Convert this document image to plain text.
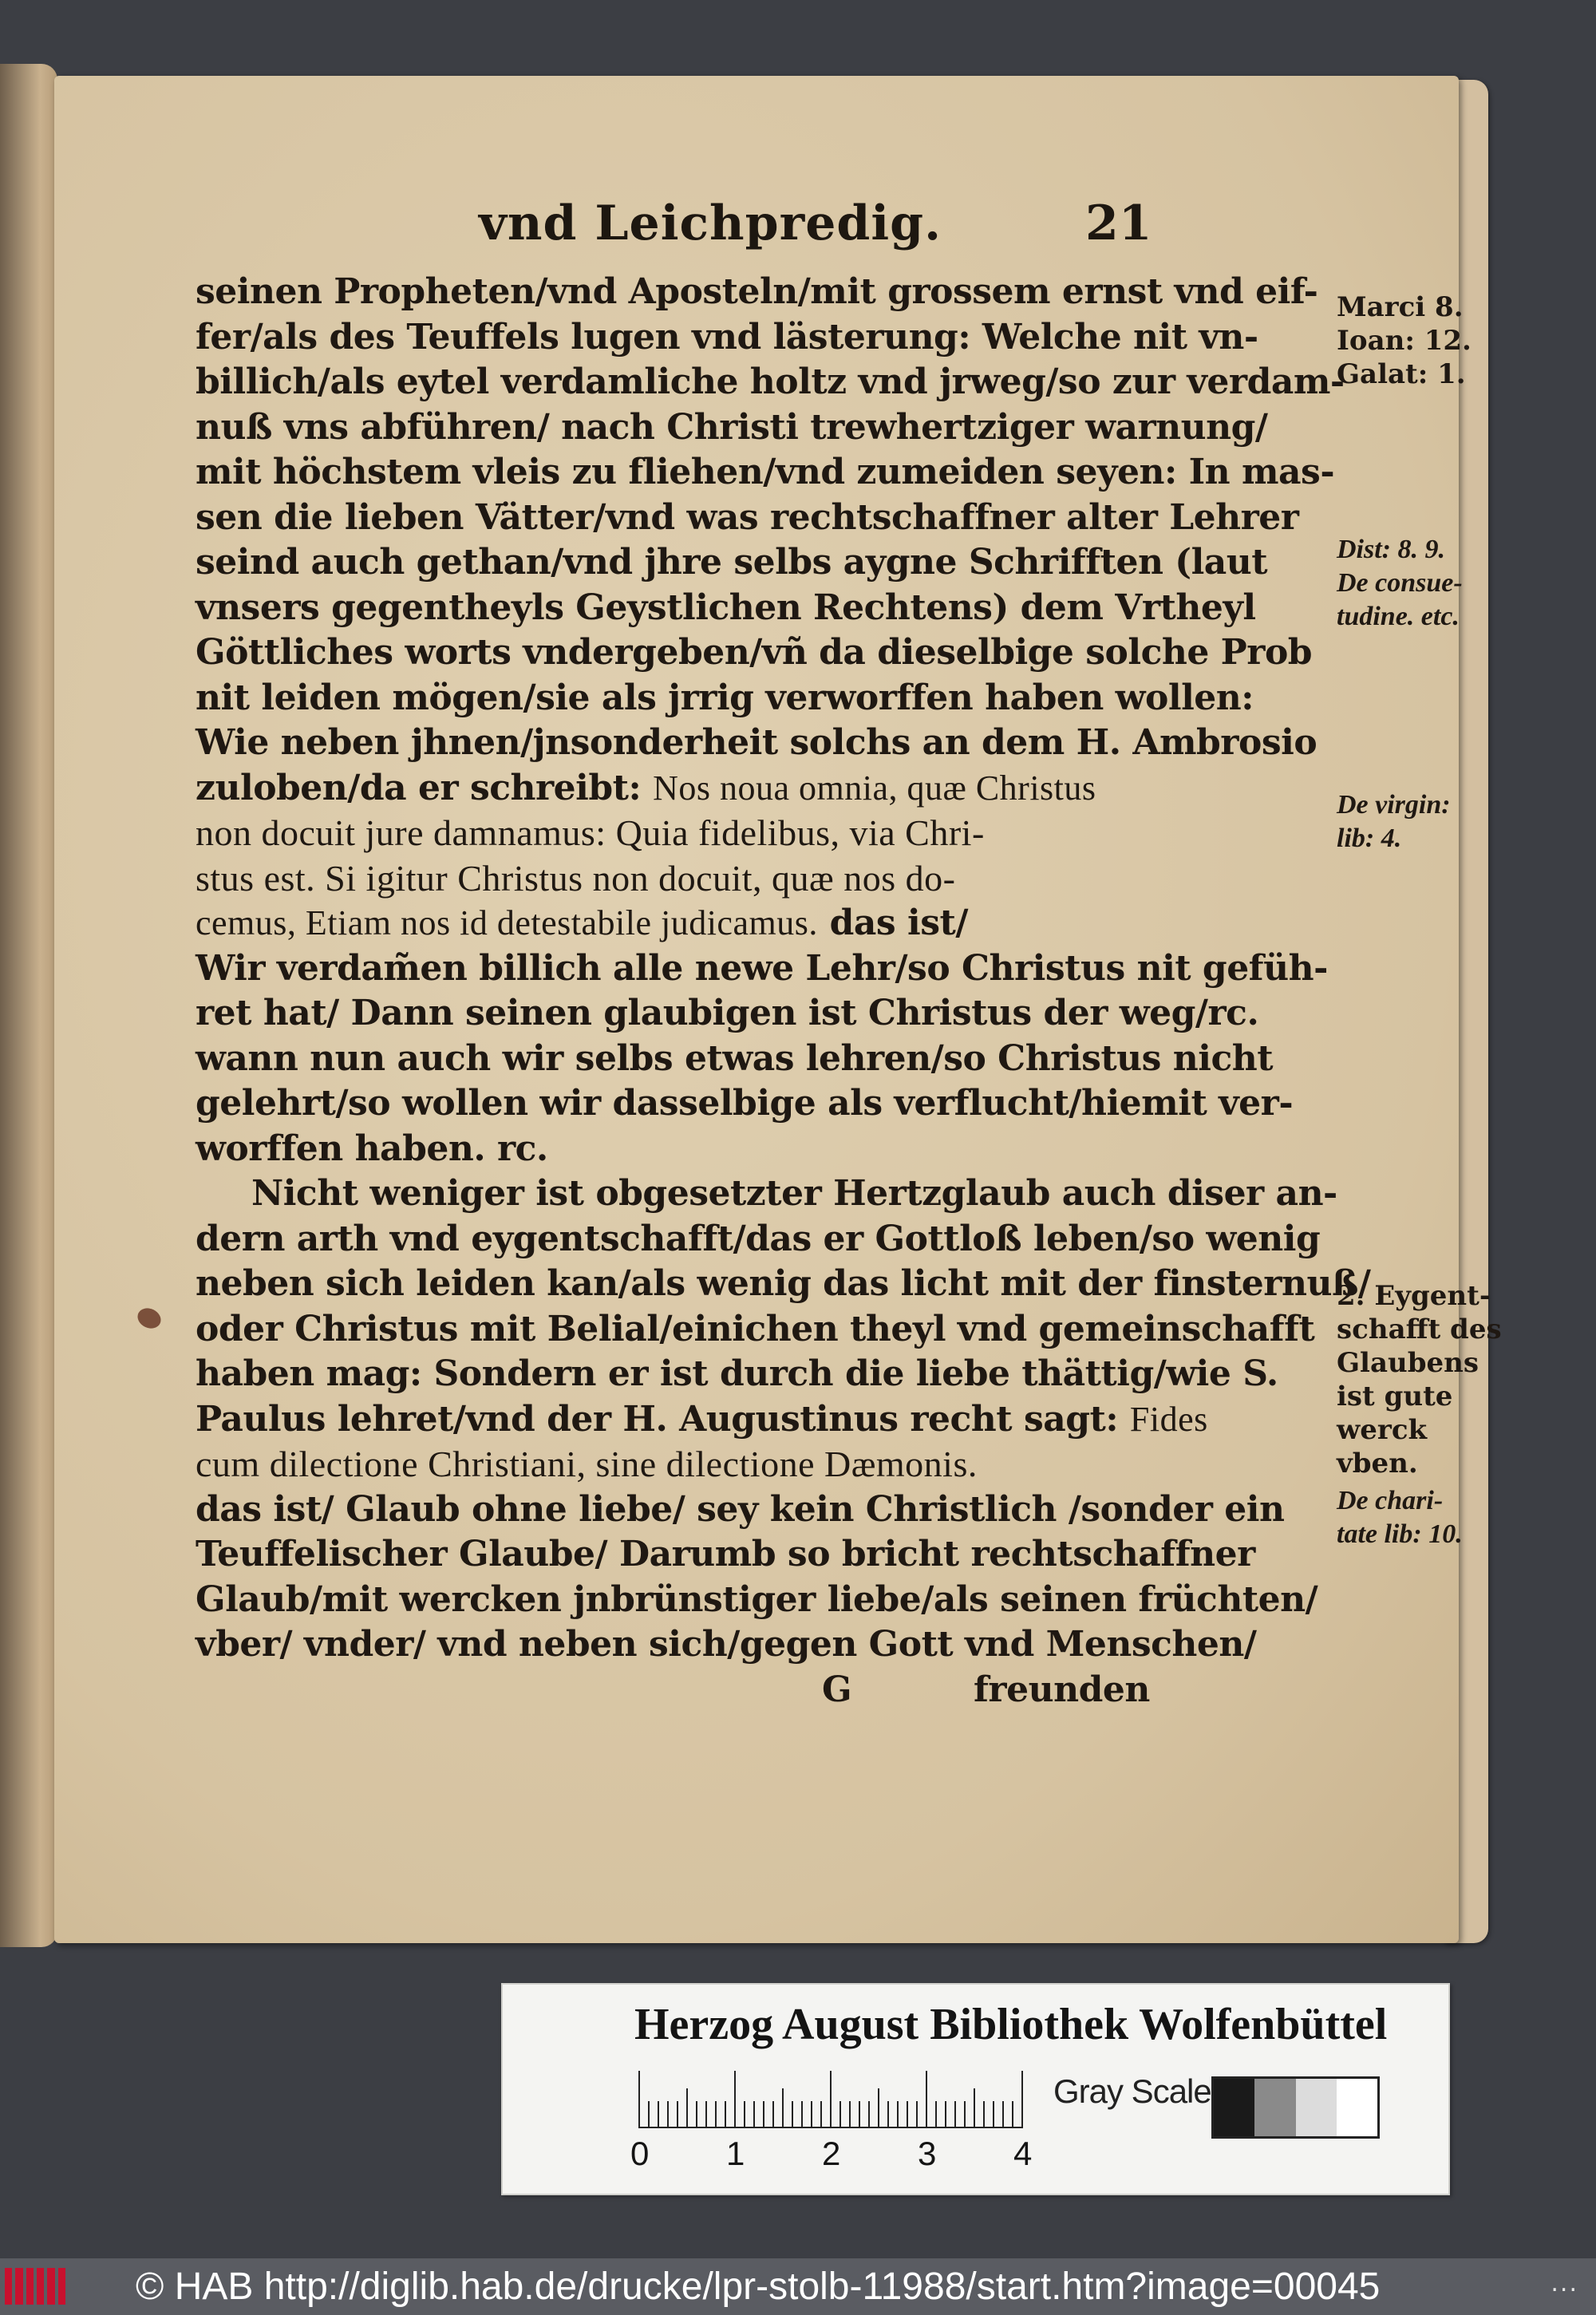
vnd Leichpredig.	21
seinen Propheten/vnd Aposteln/mit grossem ernst vnd eif-
fer/als des Teuffels lugen vnd lästerung: Welche nit vn-
billich/als eytel verdamliche holtz vnd jrweg/so zur verdam-
nuß vns abführen/ nach Christi trewhertziger warnung/
mit höchstem vleis zu fliehen/vnd zumeiden seyen: In mas-
sen die lieben Vätter/vnd was rechtschaffner alter Lehrer
seind auch gethan/vnd jhre selbs aygne Schrifften (laut
vnsers gegentheyls Geystlichen Rechtens) dem Vrtheyl
Göttliches worts vndergeben/vñ da dieselbige solche Prob
nit leiden mögen/sie als jrrig verworffen haben wollen:
Wie neben jhnen/jnsonderheit solchs an dem H. Ambrosio
zuloben/da er schreibt: Nos noua omnia, quæ Christus
non docuit jure damnamus: Quia fidelibus, via Chri-
stus est. Si igitur Christus non docuit, quæ nos do-
cemus, Etiam nos id detestabile judicamus. das ist/
Wir verdam̃en billich alle newe Lehr/so Christus nit gefüh-
ret hat/ Dann seinen glaubigen ist Christus der weg/rc.
wann nun auch wir selbs etwas lehren/so Christus nicht
gelehrt/so wollen wir dasselbige als verflucht/hiemit ver-
worffen haben. rc.
Nicht weniger ist obgesetzter Hertzglaub auch diser an-
dern arth vnd eygentschafft/das er Gottloß leben/so wenig
neben sich leiden kan/als wenig das licht mit der finsternuß/
oder Christus mit Belial/einichen theyl vnd gemeinschafft
haben mag: Sondern er ist durch die liebe thättig/wie S.
Paulus lehret/vnd der H. Augustinus recht sagt: Fides
cum dilectione Christiani, sine dilectione Dæmonis.
das ist/ Glaub ohne liebe/ sey kein Christlich /sonder ein
Teuffelischer Glaube/ Darumb so bricht rechtschaffner
Glaub/mit wercken jnbrünstiger liebe/als seinen früchten/
vber/ vnder/ vnd neben sich/gegen Gott vnd Menschen/
G	freunden
Marci 8.
Ioan: 12.
Galat: 1.
Dist: 8. 9.
De consue-
tudine. etc.
De virgin:
lib: 4.
2. Eygent-
schafft des
Glaubens
ist gute
werck
vben.
De chari-
tate lib: 10.
Herzog August Bibliothek Wolfenbüttel
0 1 2 3 4
Gray Scale
© HAB http://diglib.hab.de/drucke/lpr-stolb-11988/start.htm?image=00045	...
